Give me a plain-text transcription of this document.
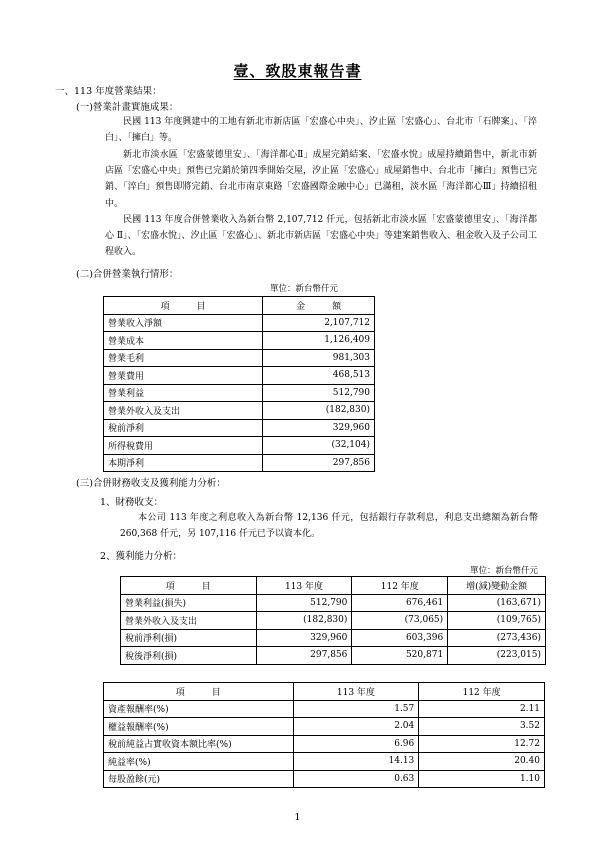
壹、致股東報告書
一、113 年度營業結果：
(一)營業計畫實施成果：
民國 113 年度興建中的工地有新北市新店區「宏盛心中央」、汐止區「宏盛心」、台北市「石牌案」、「淬白」、「擁白」等。
新北市淡水區「宏盛蒙德里安」、「海洋都心Ⅱ」成屋完銷結案、「宏盛水悅」成屋持續銷售中，新北市新店區「宏盛心中央」預售已完銷於第四季開始交屋，汐止區「宏盛心」成屋銷售中、台北市「擁白」預售已完銷、「淬白」預售即將完銷、台北市南京東路「宏盛國際金融中心」已滿租，淡水區「海洋都心Ⅲ」持續招租中。
民國 113 年度合併營業收入為新台幣 2,107,712 仟元，包括新北市淡水區「宏盛蒙德里安」、「海洋都心 Ⅱ」、「宏盛水悅」、汐止區「宏盛心」、新北市新店區「宏盛心中央」等建案銷售收入、租金收入及子公司工程收入。
(二)合併營業執行情形：
單位：新台幣仟元
項　　　目	金　　　額
營業收入淨額	2,107,712
營業成本	1,126,409
營業毛利	981,303
營業費用	468,513
營業利益	512,790
營業外收入及支出	(182,830)
稅前淨利	329,960
所得稅費用	(32,104)
本期淨利	297,856
(三)合併財務收支及獲利能力分析：
1、財務收支：
本公司 113 年度之利息收入為新台幣 12,136 仟元，包括銀行存款利息，利息支出總額為新台幣 260,368 仟元，另 107,116 仟元已予以資本化。
2、獲利能力分析：
單位：新台幣仟元
項　　　目	113 年度	112 年度	增(減)變動金額
營業利益(損失)	512,790	676,461	(163,671)
營業外收入及支出	(182,830)	(73,065)	(109,765)
稅前淨利(損)	329,960	603,396	(273,436)
稅後淨利(損)	297,856	520,871	(223,015)
項　　　目	113 年度	112 年度
資產報酬率(%)	1.57	2.11
權益報酬率(%)	2.04	3.52
稅前純益占實收資本額比率(%)	6.96	12.72
純益率(%)	14.13	20.40
每股盈餘(元)	0.63	1.10
1
